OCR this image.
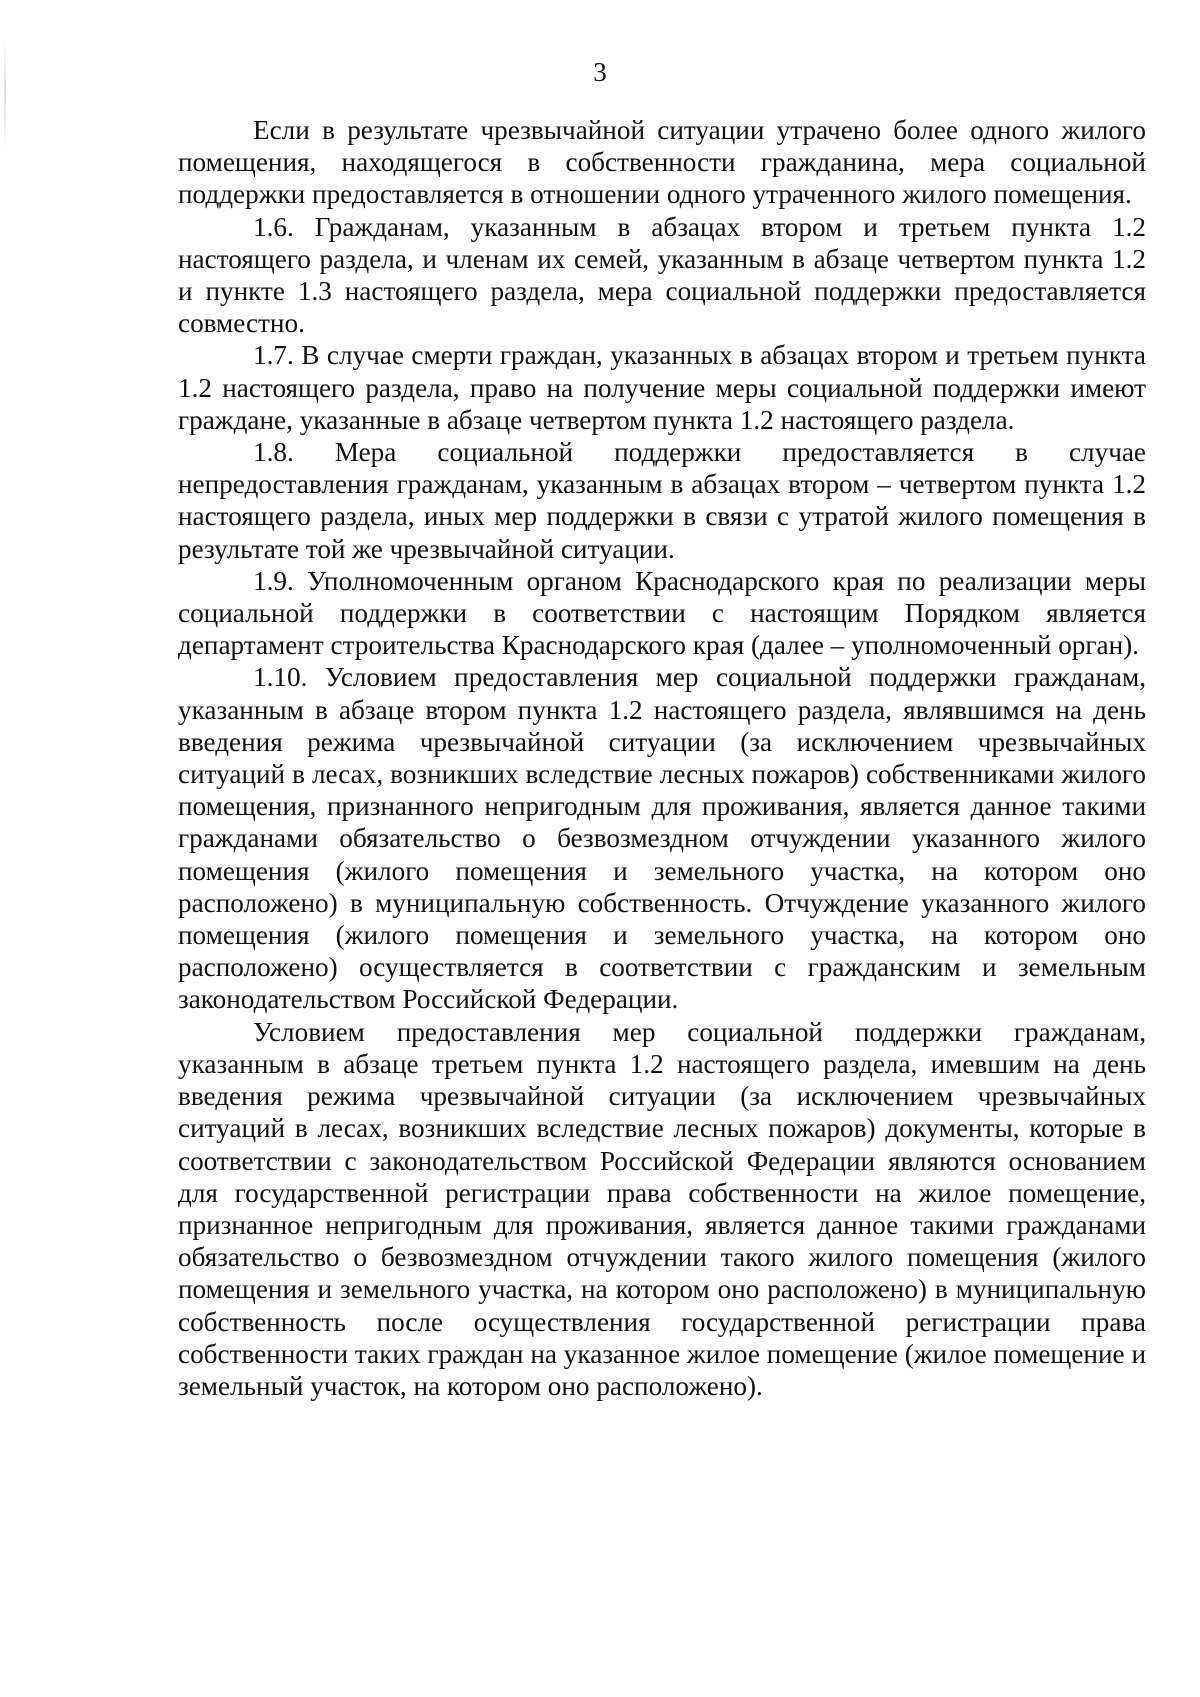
3

Если в результате чрезвычайной ситуации утрачено более одного жилого помещения, находящегося в собственности гражданина, мера социальной поддержки предоставляется в отношении одного утраченного жилого помещения.

1.6. Гражданам, указанным в абзацах втором и третьем пункта 1.2 настоящего раздела, и членам их семей, указанным в абзаце четвертом пункта 1.2 и пункте 1.3 настоящего раздела, мера социальной поддержки предоставляется совместно.

1.7. В случае смерти граждан, указанных в абзацах втором и третьем пункта 1.2 настоящего раздела, право на получение меры социальной поддержки имеют граждане, указанные в абзаце четвертом пункта 1.2 настоящего раздела.

1.8. Мера социальной поддержки предоставляется в случае непредоставления гражданам, указанным в абзацах втором – четвертом пункта 1.2 настоящего раздела, иных мер поддержки в связи с утратой жилого помещения в результате той же чрезвычайной ситуации.

1.9. Уполномоченным органом Краснодарского края по реализации меры социальной поддержки в соответствии с настоящим Порядком является департамент строительства Краснодарского края (далее – уполномоченный орган).

1.10. Условием предоставления мер социальной поддержки гражданам, указанным в абзаце втором пункта 1.2 настоящего раздела, являвшимся на день введения режима чрезвычайной ситуации (за исключением чрезвычайных ситуаций в лесах, возникших вследствие лесных пожаров) собственниками жилого помещения, признанного непригодным для проживания, является данное такими гражданами обязательство о безвозмездном отчуждении указанного жилого помещения (жилого помещения и земельного участка, на котором оно расположено) в муниципальную собственность. Отчуждение указанного жилого помещения (жилого помещения и земельного участка, на котором оно расположено) осуществляется в соответствии с гражданским и земельным законодательством Российской Федерации.

Условием предоставления мер социальной поддержки гражданам, указанным в абзаце третьем пункта 1.2 настоящего раздела, имевшим на день введения режима чрезвычайной ситуации (за исключением чрезвычайных ситуаций в лесах, возникших вследствие лесных пожаров) документы, которые в соответствии с законодательством Российской Федерации являются основанием для государственной регистрации права собственности на жилое помещение, признанное непригодным для проживания, является данное такими гражданами обязательство о безвозмездном отчуждении такого жилого помещения (жилого помещения и земельного участка, на котором оно расположено) в муниципальную собственность после осуществления государственной регистрации права собственности таких граждан на указанное жилое помещение (жилое помещение и земельный участок, на котором оно расположено).
